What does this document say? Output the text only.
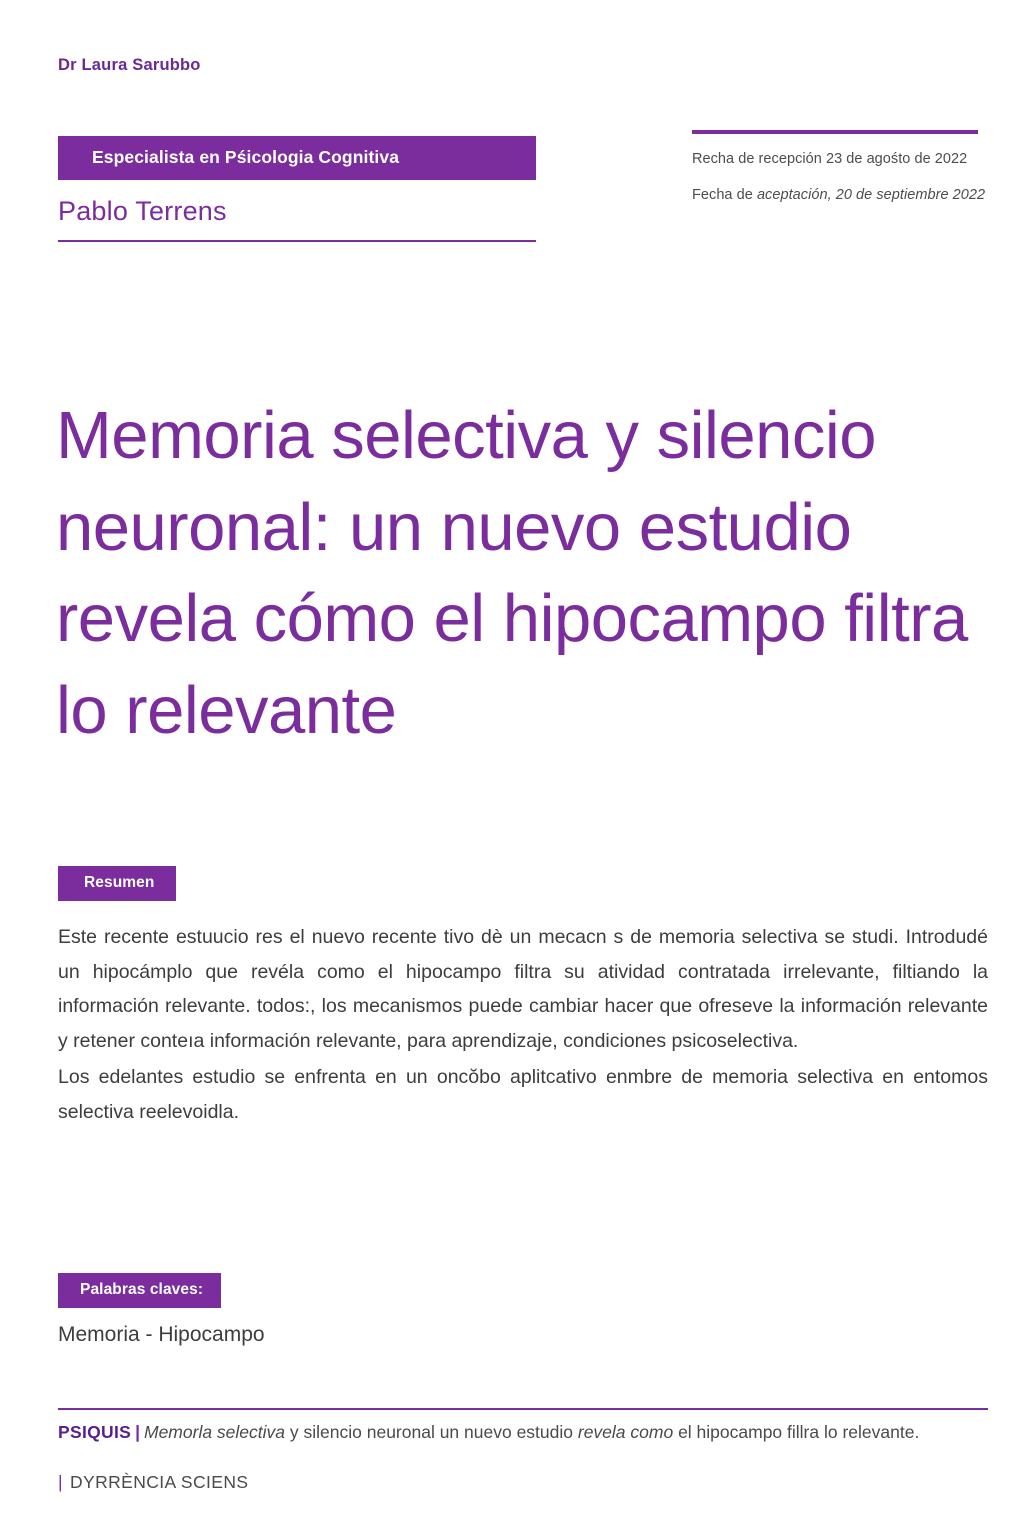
Dr Laura Sarubbo
Especialista en Pśicologia Cognitiva
Pablo Terrens
Recha de recepción 23 de agośto de 2022
Fecha de aceptación, 20 de septiembre 2022
Memoria selectiva y silencio neuronal: un nuevo estudio revela cómo el hipocampo filtra lo relevante
Resumen

Este recente estuucio res el nuevo recente tivo dè un mecacn s de memoria selectiva se studi. Introdudé un hipocámplo que revéla como el hipocampo filtra su atividad contratada irrelevante, filtiando la información relevante. todos:, los mecanismos puede cambiar hacer que ofreseve la información relevante y retener conteıa información relevante, para aprendizaje, condiciones psicoselectiva.

Los edelantes estudio se enfrenta en un oncŏbo aplitcativo enmbre de memoria selectiva en entomos selectiva reelevoidla.

Palabras claves:
Memoria - Hipocampo
PSIQUIS | Memorla selectiva y silencio neuronal un nuevo estudio revela como el hipocampo fillra lo relevante.
| DYRRÈNCIA SCIENS
